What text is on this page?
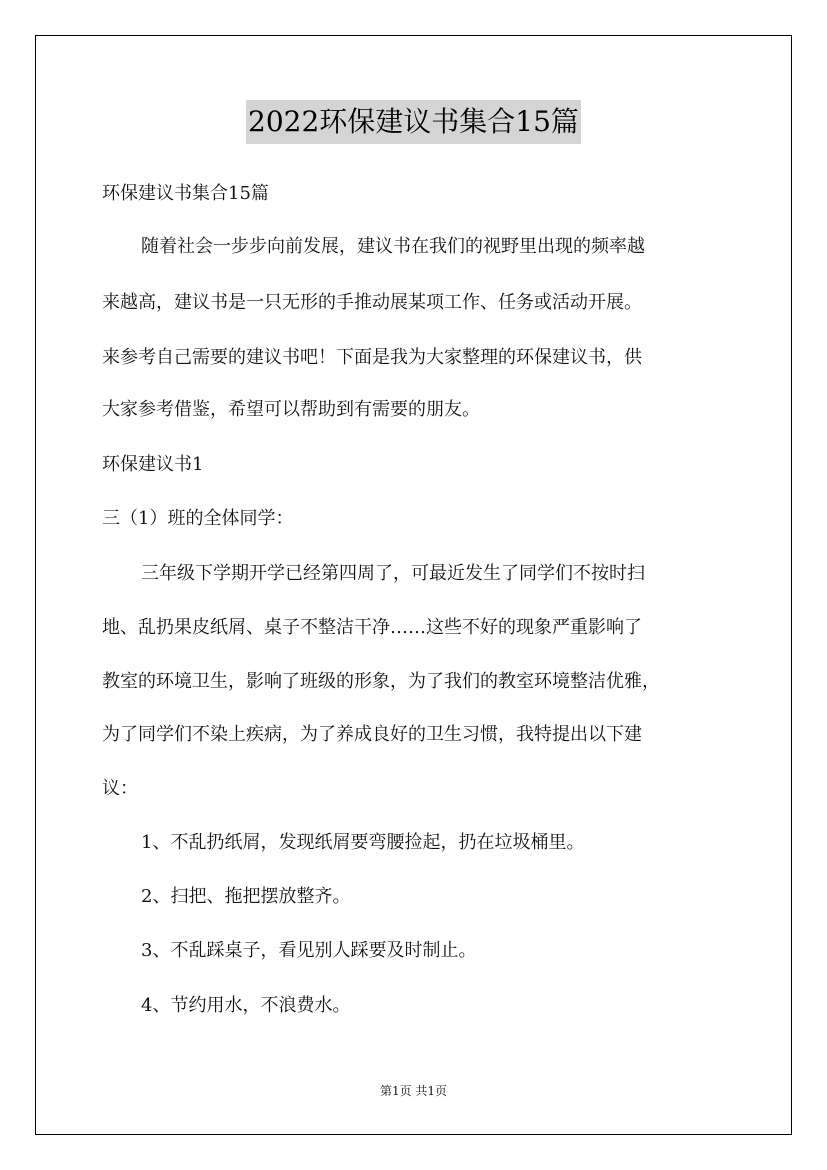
2022环保建议书集合15篇
环保建议书集合15篇
随着社会一步步向前发展，建议书在我们的视野里出现的频率越
来越高，建议书是一只无形的手推动展某项工作、任务或活动开展。
来参考自己需要的建议书吧！下面是我为大家整理的环保建议书，供
大家参考借鉴，希望可以帮助到有需要的朋友。
环保建议书1
三（1）班的全体同学：
三年级下学期开学已经第四周了，可最近发生了同学们不按时扫
地、乱扔果皮纸屑、桌子不整洁干净……这些不好的现象严重影响了
教室的环境卫生，影响了班级的形象，为了我们的教室环境整洁优雅，
为了同学们不染上疾病，为了养成良好的卫生习惯，我特提出以下建
议：
1、不乱扔纸屑，发现纸屑要弯腰捡起，扔在垃圾桶里。
2、扫把、拖把摆放整齐。
3、不乱踩桌子，看见别人踩要及时制止。
4、节约用水，不浪费水。
第1页 共1页
